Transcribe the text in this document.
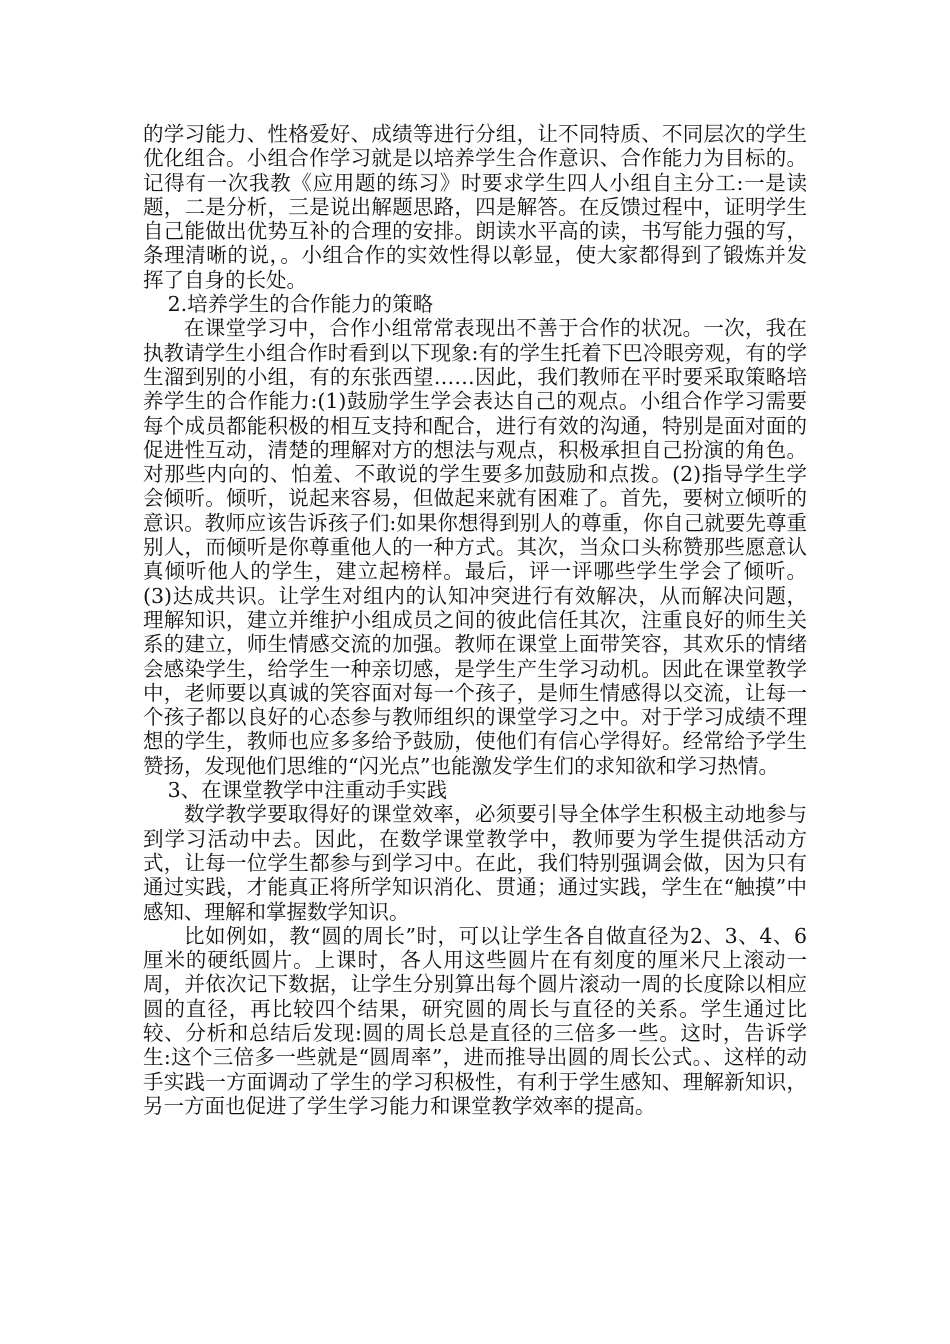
的学习能力、性格爱好、成绩等进行分组，让不同特质、不同层次的学生优化组合。小组合作学习就是以培养学生合作意识、合作能力为目标的。记得有一次我教《应用题的练习》时要求学生四人小组自主分工:一是读题，二是分析，三是说出解题思路，四是解答。在反馈过程中，证明学生自己能做出优势互补的合理的安排。朗读水平高的读，书写能力强的写，条理清晰的说，。小组合作的实效性得以彰显，使大家都得到了锻炼并发挥了自身的长处。

2.培养学生的合作能力的策略

在课堂学习中，合作小组常常表现出不善于合作的状况。一次，我在执教请学生小组合作时看到以下现象:有的学生托着下巴冷眼旁观，有的学生溜到别的小组，有的东张西望……因此，我们教师在平时要采取策略培养学生的合作能力:(1)鼓励学生学会表达自己的观点。小组合作学习需要每个成员都能积极的相互支持和配合，进行有效的沟通，特别是面对面的促进性互动，清楚的理解对方的想法与观点，积极承担自己扮演的角色。对那些内向的、怕羞、不敢说的学生要多加鼓励和点拨。(2)指导学生学会倾听。倾听，说起来容易，但做起来就有困难了。首先，要树立倾听的意识。教师应该告诉孩子们:如果你想得到别人的尊重，你自己就要先尊重别人，而倾听是你尊重他人的一种方式。其次，当众口头称赞那些愿意认真倾听他人的学生，建立起榜样。最后，评一评哪些学生学会了倾听。(3)达成共识。让学生对组内的认知冲突进行有效解决，从而解决问题，理解知识，建立并维护小组成员之间的彼此信任其次，注重良好的师生关系的建立，师生情感交流的加强。教师在课堂上面带笑容，其欢乐的情绪会感染学生，给学生一种亲切感，是学生产生学习动机。因此在课堂教学中，老师要以真诚的笑容面对每一个孩子，是师生情感得以交流，让每一个孩子都以良好的心态参与教师组织的课堂学习之中。对于学习成绩不理想的学生，教师也应多多给予鼓励，使他们有信心学得好。经常给予学生赞扬，发现他们思维的“闪光点”也能激发学生们的求知欲和学习热情。

3、在课堂教学中注重动手实践

数学教学要取得好的课堂效率，必须要引导全体学生积极主动地参与到学习活动中去。因此，在数学课堂教学中，教师要为学生提供活动方式，让每一位学生都参与到学习中。在此，我们特别强调会做，因为只有通过实践，才能真正将所学知识消化、贯通；通过实践，学生在“触摸”中感知、理解和掌握数学知识。

比如例如，教“圆的周长”时，可以让学生各自做直径为2、3、4、6厘米的硬纸圆片。上课时，各人用这些圆片在有刻度的厘米尺上滚动一周，并依次记下数据，让学生分别算出每个圆片滚动一周的长度除以相应圆的直径，再比较四个结果，研究圆的周长与直径的关系。学生通过比较、分析和总结后发现:圆的周长总是直径的三倍多一些。这时，告诉学生:这个三倍多一些就是“圆周率”，进而推导出圆的周长公式。、这样的动手实践一方面调动了学生的学习积极性，有利于学生感知、理解新知识，另一方面也促进了学生学习能力和课堂教学效率的提高。
